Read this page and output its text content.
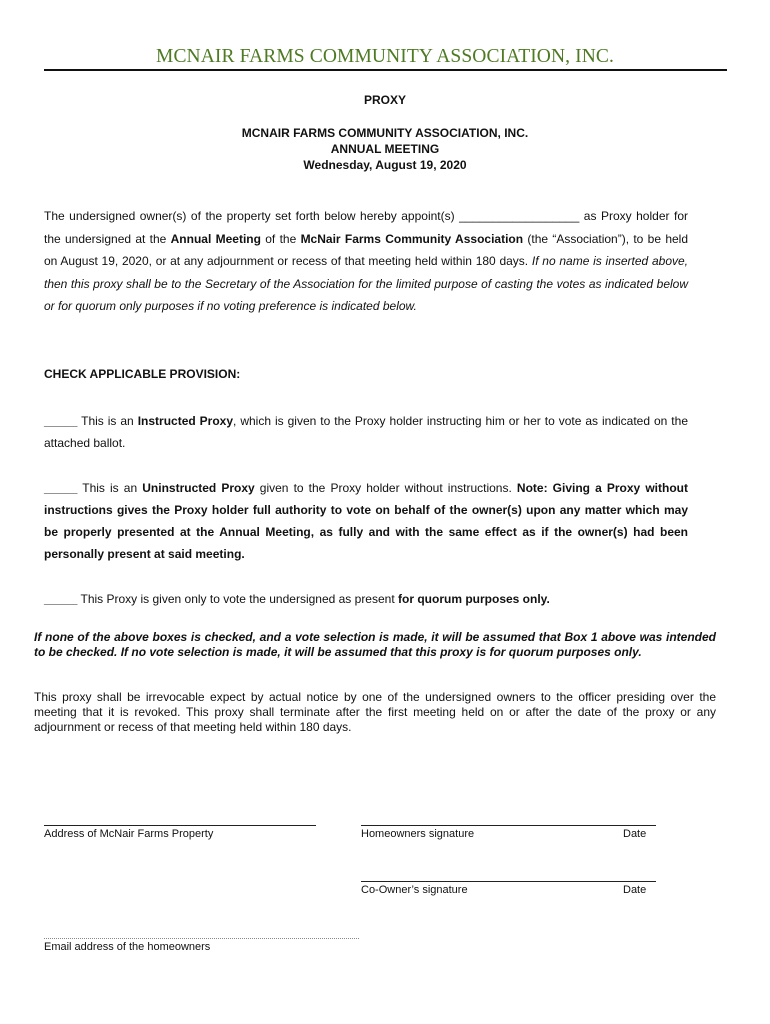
MCNAIR FARMS COMMUNITY ASSOCIATION, INC.
PROXY
MCNAIR FARMS COMMUNITY ASSOCIATION, INC.
ANNUAL MEETING
Wednesday, August 19, 2020
The undersigned owner(s) of the property set forth below hereby appoint(s) __________________ as Proxy holder for the undersigned at the Annual Meeting of the McNair Farms Community Association (the “Association”), to be held on August 19, 2020, or at any adjournment or recess of that meeting held within 180 days. If no name is inserted above, then this proxy shall be to the Secretary of the Association for the limited purpose of casting the votes as indicated below or for quorum only purposes if no voting preference is indicated below.
CHECK APPLICABLE PROVISION:
_____ This is an Instructed Proxy, which is given to the Proxy holder instructing him or her to vote as indicated on the attached ballot.
_____ This is an Uninstructed Proxy given to the Proxy holder without instructions. Note: Giving a Proxy without instructions gives the Proxy holder full authority to vote on behalf of the owner(s) upon any matter which may be properly presented at the Annual Meeting, as fully and with the same effect as if the owner(s) had been personally present at said meeting.
_____ This Proxy is given only to vote the undersigned as present for quorum purposes only.
If none of the above boxes is checked, and a vote selection is made, it will be assumed that Box 1 above was intended to be checked. If no vote selection is made, it will be assumed that this proxy is for quorum purposes only.
This proxy shall be irrevocable expect by actual notice by one of the undersigned owners to the officer presiding over the meeting that it is revoked. This proxy shall terminate after the first meeting held on or after the date of the proxy or any adjournment or recess of that meeting held within 180 days.
Address of McNair Farms Property	Homeowners signature	Date
Co-Owner’s signature	Date
Email address of the homeowners
